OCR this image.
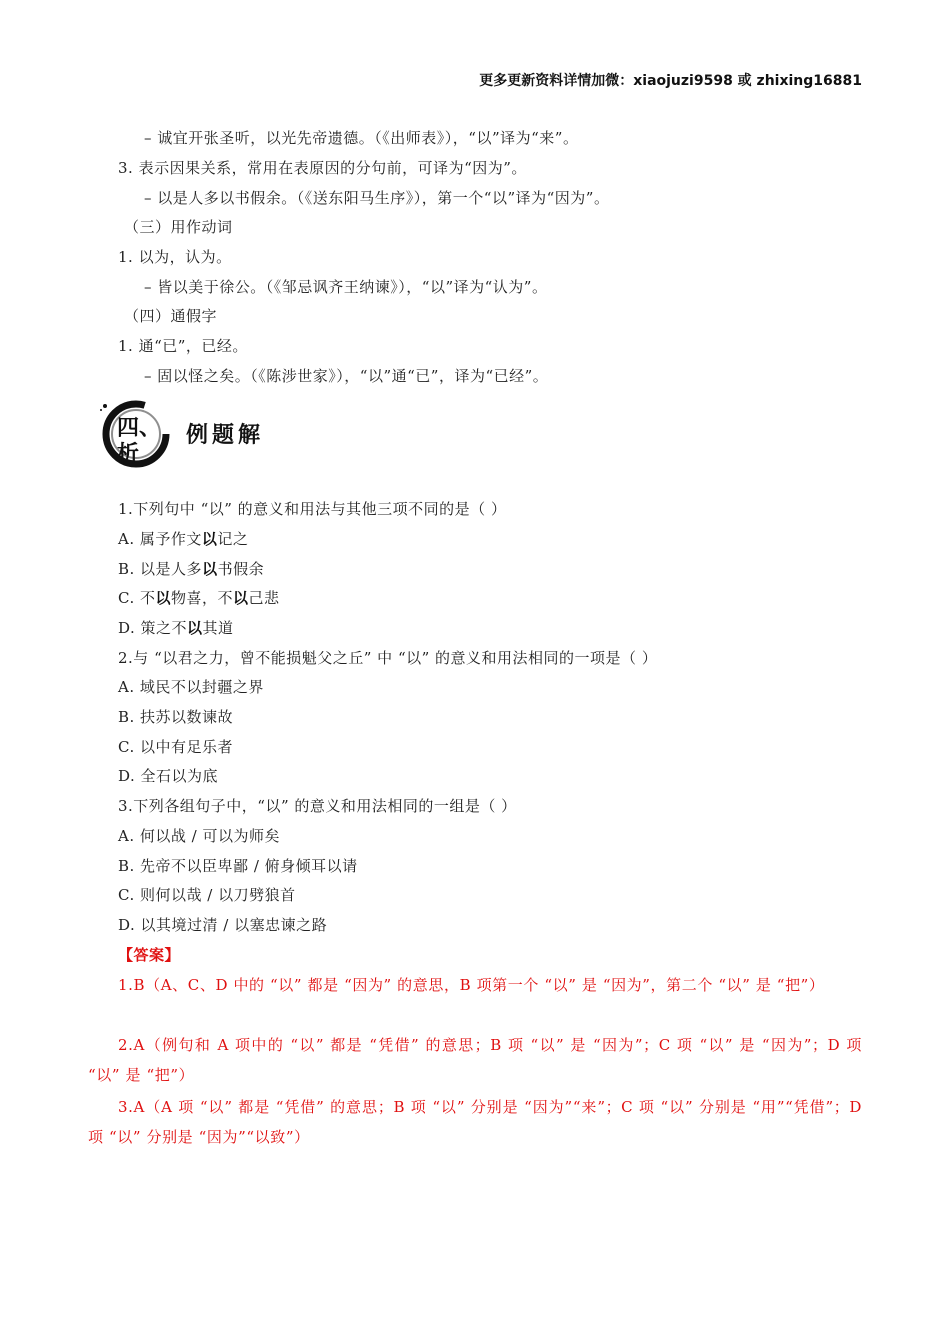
更多更新资料详情加微：xiaojuzi9598 或 zhixing16881
– 诚宜开张圣听，以光先帝遗德。（《出师表》），“以”译为“来”。
3. 表示因果关系，常用在表原因的分句前，可译为“因为”。
– 以是人多以书假余。（《送东阳马生序》），第一个“以”译为“因为”。
（三）用作动词
1. 以为，认为。
– 皆以美于徐公。（《邹忌讽齐王纳谏》），“以”译为“认为”。
（四）通假字
1. 通“已”，已经。
– 固以怪之矣。（《陈涉世家》），“以”通“已”，译为“已经”。
四、
析
例题解
1.下列句中 “以” 的意义和用法与其他三项不同的是（ ）
A. 属予作文以记之
B. 以是人多以书假余
C. 不以物喜，不以己悲
D. 策之不以其道
2.与 “以君之力，曾不能损魁父之丘” 中 “以” 的意义和用法相同的一项是（ ）
A. 域民不以封疆之界
B. 扶苏以数谏故
C. 以中有足乐者
D. 全石以为底
3.下列各组句子中，“以” 的意义和用法相同的一组是（ ）
A. 何以战 / 可以为师矣
B. 先帝不以臣卑鄙 / 俯身倾耳以请
C. 则何以哉 / 以刀劈狼首
D. 以其境过清 / 以塞忠谏之路
【答案】
1.B（A、C、D 中的 “以” 都是 “因为” 的意思，B 项第一个 “以” 是 “因为”，第二个 “以” 是 “把”）
2.A（例句和 A 项中的 “以” 都是 “凭借” 的意思；B 项 “以” 是 “因为”；C 项 “以” 是 “因为”；D 项 “以” 是 “把”）
3.A（A 项 “以” 都是 “凭借” 的意思；B 项 “以” 分别是 “因为”“来”；C 项 “以” 分别是 “用”“凭借”；D 项 “以” 分别是 “因为”“以致”）
